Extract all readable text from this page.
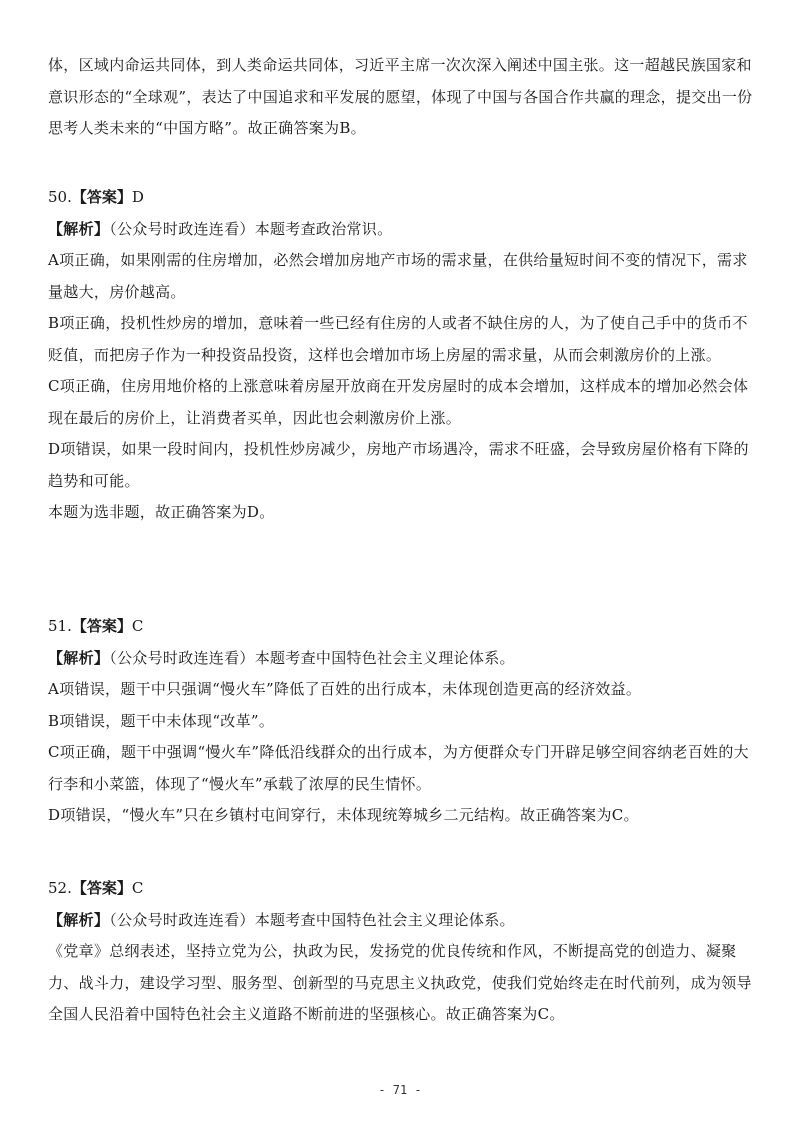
体，区域内命运共同体，到人类命运共同体，习近平主席一次次深入阐述中国主张。这一超越民族国家和意识形态的“全球观”，表达了中国追求和平发展的愿望，体现了中国与各国合作共赢的理念，提交出一份思考人类未来的“中国方略”。故正确答案为B。

50.【答案】D

【解析】（公众号时政连连看）本题考查政治常识。

A项正确，如果刚需的住房增加，必然会增加房地产市场的需求量，在供给量短时间不变的情况下，需求量越大，房价越高。

B项正确，投机性炒房的增加，意味着一些已经有住房的人或者不缺住房的人，为了使自己手中的货币不贬值，而把房子作为一种投资品投资，这样也会增加市场上房屋的需求量，从而会刺激房价的上涨。

C项正确，住房用地价格的上涨意味着房屋开放商在开发房屋时的成本会增加，这样成本的增加必然会体现在最后的房价上，让消费者买单，因此也会刺激房价上涨。

D项错误，如果一段时间内，投机性炒房减少，房地产市场遇冷，需求不旺盛，会导致房屋价格有下降的趋势和可能。

本题为选非题，故正确答案为D。

51.【答案】C

【解析】（公众号时政连连看）本题考查中国特色社会主义理论体系。

A项错误，题干中只强调“慢火车”降低了百姓的出行成本，未体现创造更高的经济效益。

B项错误，题干中未体现“改革”。

C项正确，题干中强调“慢火车”降低沿线群众的出行成本，为方便群众专门开辟足够空间容纳老百姓的大行李和小菜篮，体现了“慢火车”承载了浓厚的民生情怀。

D项错误，“慢火车”只在乡镇村屯间穿行，未体现统筹城乡二元结构。故正确答案为C。

52.【答案】C

【解析】（公众号时政连连看）本题考查中国特色社会主义理论体系。

《党章》总纲表述，坚持立党为公，执政为民，发扬党的优良传统和作风，不断提高党的创造力、凝聚力、战斗力，建设学习型、服务型、创新型的马克思主义执政党，使我们党始终走在时代前列，成为领导全国人民沿着中国特色社会主义道路不断前进的坚强核心。故正确答案为C。

- 71 -
